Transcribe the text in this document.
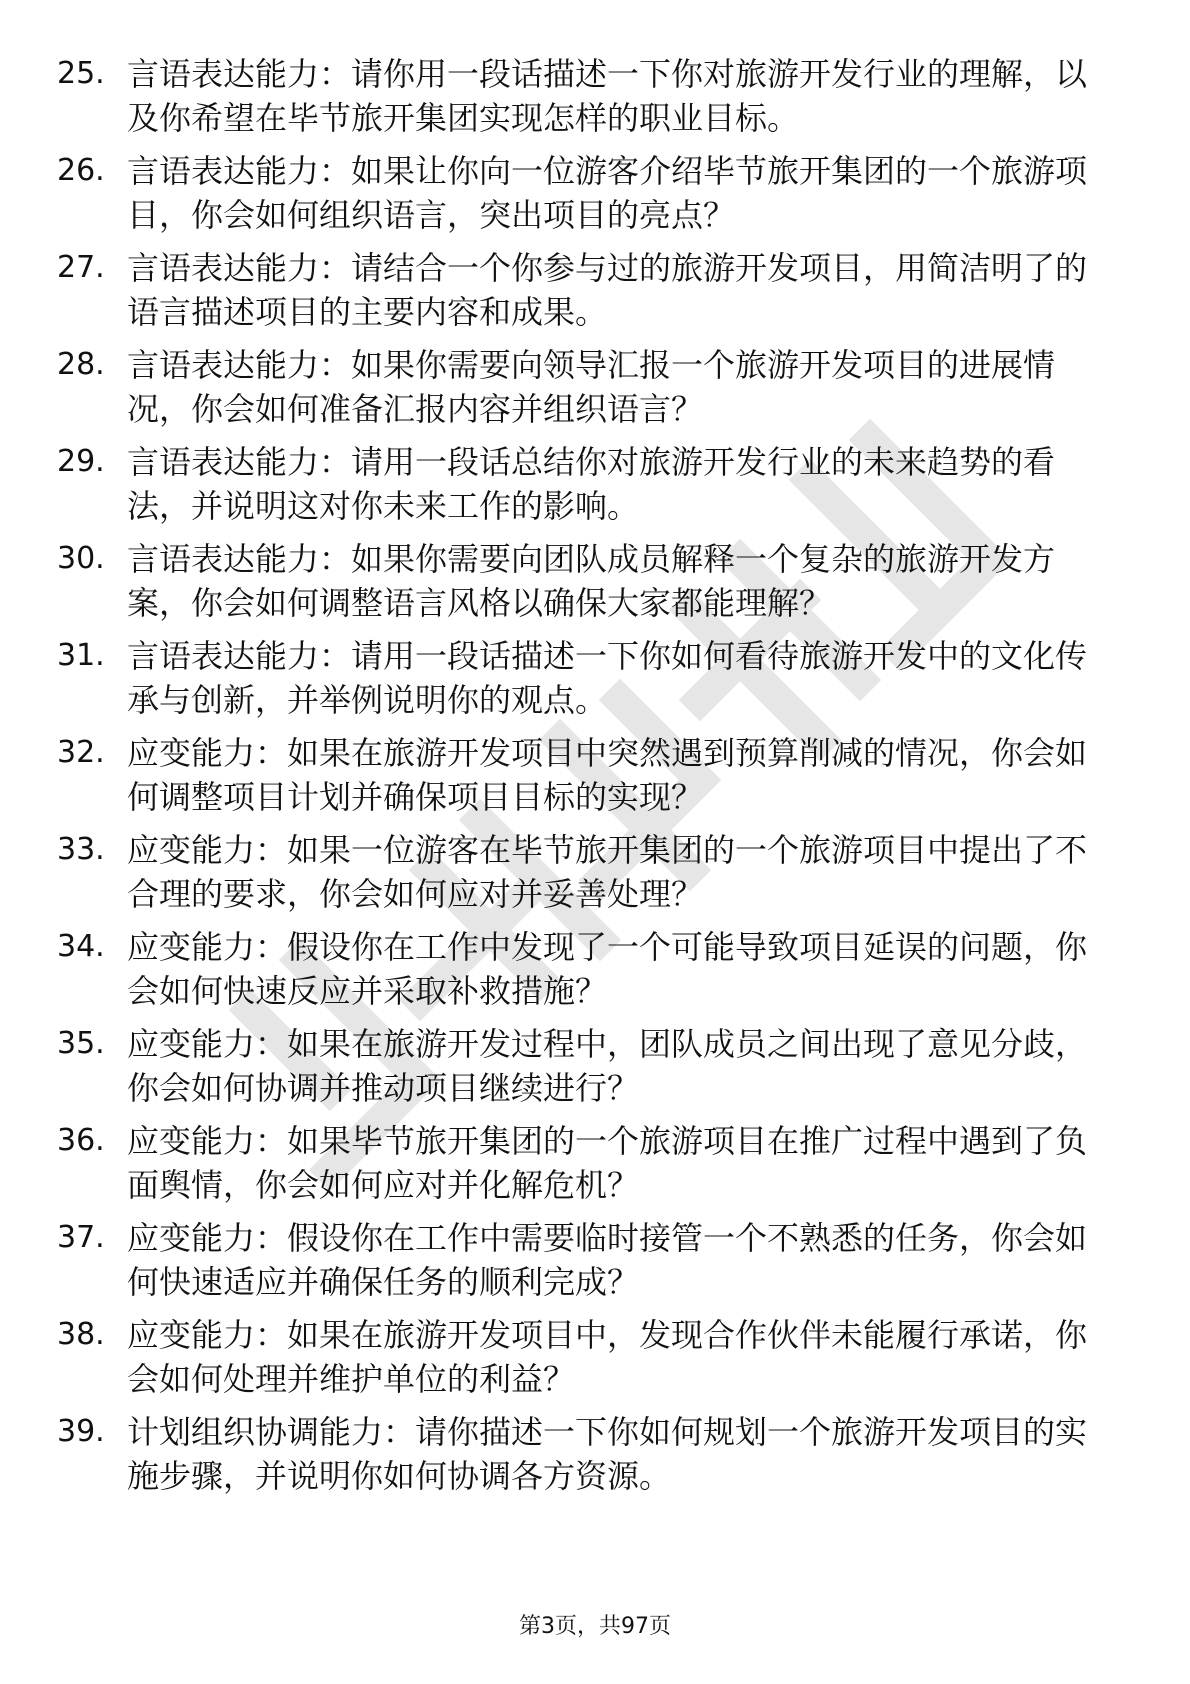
25. 言语表达能力：请你用一段话描述一下你对旅游开发行业的理解，以及你希望在毕节旅开集团实现怎样的职业目标。
26. 言语表达能力：如果让你向一位游客介绍毕节旅开集团的一个旅游项目，你会如何组织语言，突出项目的亮点？
27. 言语表达能力：请结合一个你参与过的旅游开发项目，用简洁明了的语言描述项目的主要内容和成果。
28. 言语表达能力：如果你需要向领导汇报一个旅游开发项目的进展情况，你会如何准备汇报内容并组织语言？
29. 言语表达能力：请用一段话总结你对旅游开发行业的未来趋势的看法，并说明这对你未来工作的影响。
30. 言语表达能力：如果你需要向团队成员解释一个复杂的旅游开发方案，你会如何调整语言风格以确保大家都能理解？
31. 言语表达能力：请用一段话描述一下你如何看待旅游开发中的文化传承与创新，并举例说明你的观点。
32. 应变能力：如果在旅游开发项目中突然遇到预算削减的情况，你会如何调整项目计划并确保项目目标的实现？
33. 应变能力：如果一位游客在毕节旅开集团的一个旅游项目中提出了不合理的要求，你会如何应对并妥善处理？
34. 应变能力：假设你在工作中发现了一个可能导致项目延误的问题，你会如何快速反应并采取补救措施？
35. 应变能力：如果在旅游开发过程中，团队成员之间出现了意见分歧，你会如何协调并推动项目继续进行？
36. 应变能力：如果毕节旅开集团的一个旅游项目在推广过程中遇到了负面舆情，你会如何应对并化解危机？
37. 应变能力：假设你在工作中需要临时接管一个不熟悉的任务，你会如何快速适应并确保任务的顺利完成？
38. 应变能力：如果在旅游开发项目中，发现合作伙伴未能履行承诺，你会如何处理并维护单位的利益？
39. 计划组织协调能力：请你描述一下你如何规划一个旅游开发项目的实施步骤，并说明你如何协调各方资源。
第3页，共97页
